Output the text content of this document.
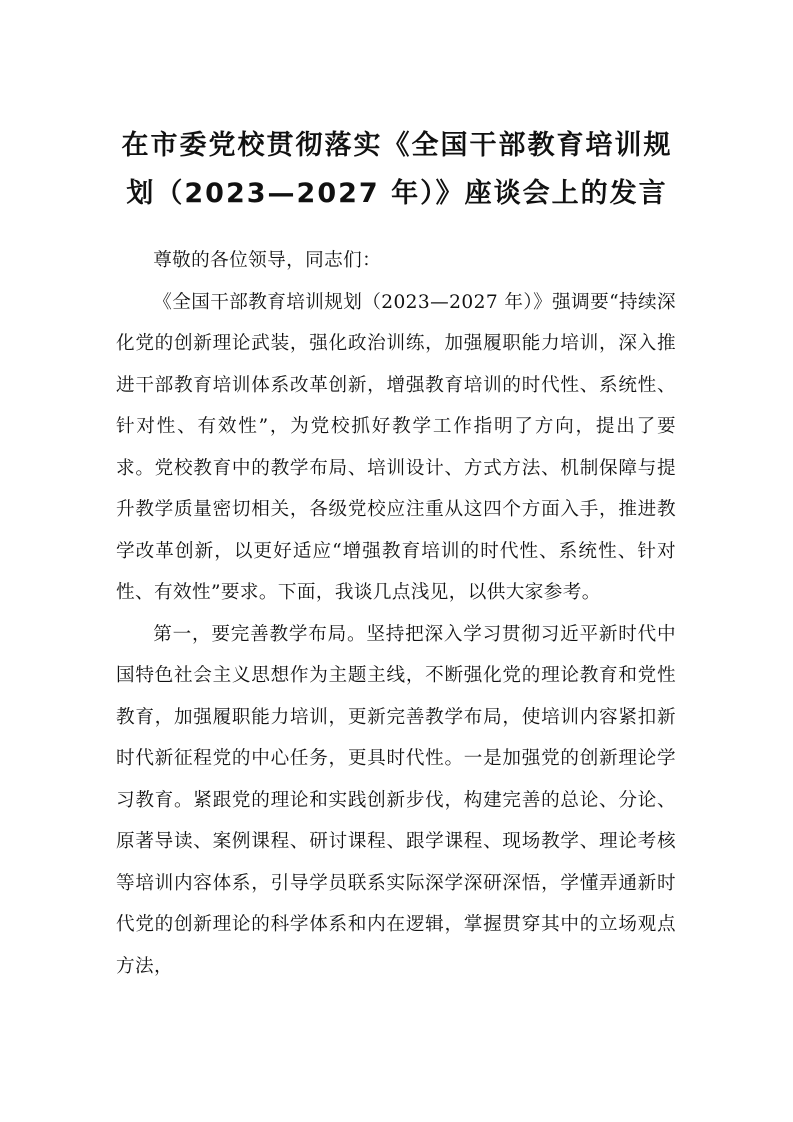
在市委党校贯彻落实《全国干部教育培训规
划（2023—2027 年）》座谈会上的发言

尊敬的各位领导，同志们：

《全国干部教育培训规划（2023—2027 年）》强调要“持续深化党的创新理论武装，强化政治训练，加强履职能力培训，深入推进干部教育培训体系改革创新，增强教育培训的时代性、系统性、针对性、有效性”，为党校抓好教学工作指明了方向，提出了要求。党校教育中的教学布局、培训设计、方式方法、机制保障与提升教学质量密切相关，各级党校应注重从这四个方面入手，推进教学改革创新，以更好适应“增强教育培训的时代性、系统性、针对性、有效性”要求。下面，我谈几点浅见，以供大家参考。

第一，要完善教学布局。坚持把深入学习贯彻习近平新时代中国特色社会主义思想作为主题主线，不断强化党的理论教育和党性教育，加强履职能力培训，更新完善教学布局，使培训内容紧扣新时代新征程党的中心任务，更具时代性。一是加强党的创新理论学习教育。紧跟党的理论和实践创新步伐，构建完善的总论、分论、原著导读、案例课程、研讨课程、跟学课程、现场教学、理论考核等培训内容体系，引导学员联系实际深学深研深悟，学懂弄通新时代党的创新理论的科学体系和内在逻辑，掌握贯穿其中的立场观点方法，
